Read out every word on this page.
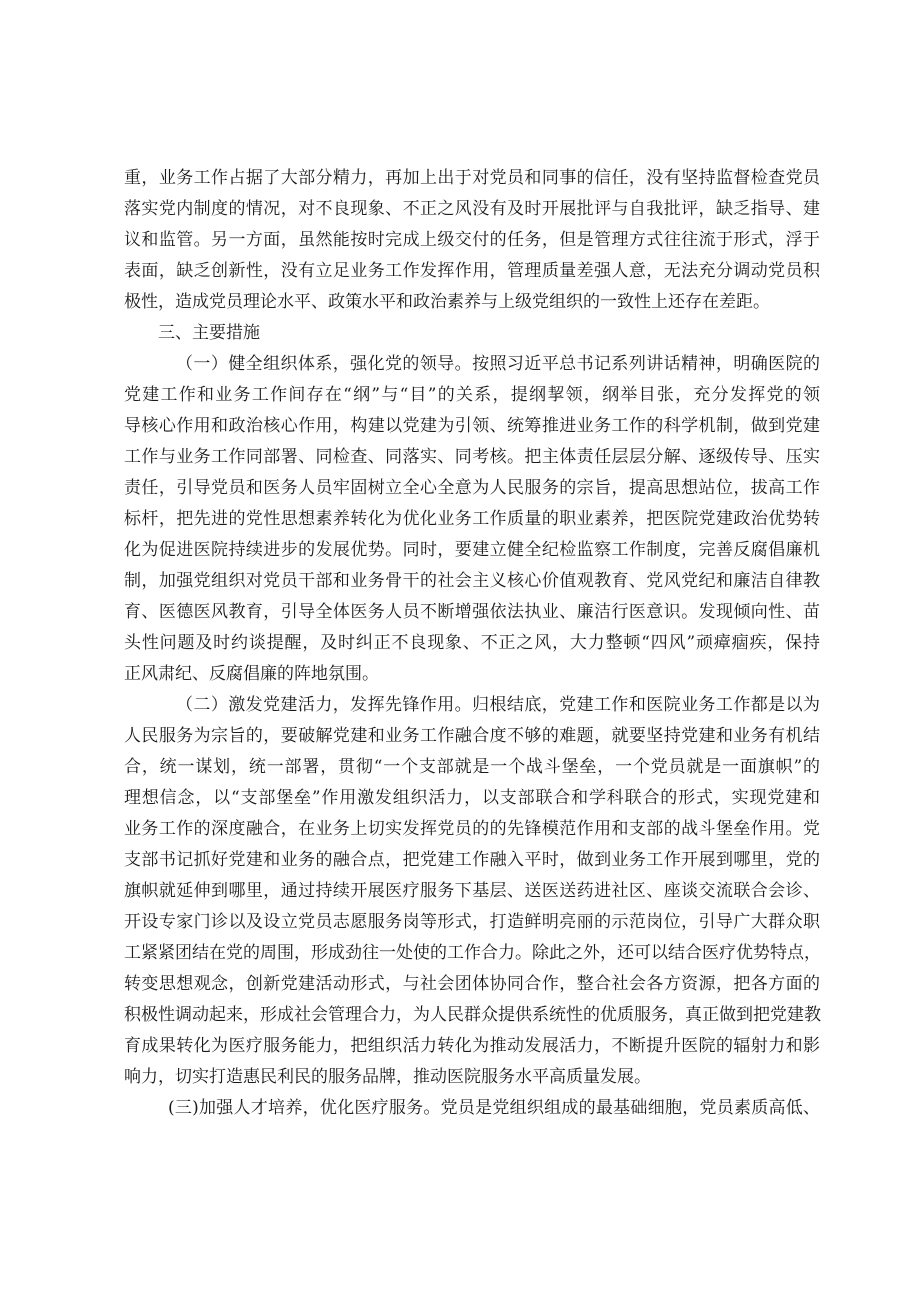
重，业务工作占据了大部分精力，再加上出于对党员和同事的信任，没有坚持监督检查党员
落实党内制度的情况，对不良现象、不正之风没有及时开展批评与自我批评，缺乏指导、建
议和监管。另一方面，虽然能按时完成上级交付的任务，但是管理方式往往流于形式，浮于
表面，缺乏创新性，没有立足业务工作发挥作用，管理质量差强人意，无法充分调动党员积
极性，造成党员理论水平、政策水平和政治素养与上级党组织的一致性上还存在差距。
三、主要措施
（一）健全组织体系，强化党的领导。按照习近平总书记系列讲话精神，明确医院的
党建工作和业务工作间存在“纲”与“目”的关系，提纲挈领，纲举目张，充分发挥党的领
导核心作用和政治核心作用，构建以党建为引领、统筹推进业务工作的科学机制，做到党建
工作与业务工作同部署、同检查、同落实、同考核。把主体责任层层分解、逐级传导、压实
责任，引导党员和医务人员牢固树立全心全意为人民服务的宗旨，提高思想站位，拔高工作
标杆，把先进的党性思想素养转化为优化业务工作质量的职业素养，把医院党建政治优势转
化为促进医院持续进步的发展优势。同时，要建立健全纪检监察工作制度，完善反腐倡廉机
制，加强党组织对党员干部和业务骨干的社会主义核心价值观教育、党风党纪和廉洁自律教
育、医德医风教育，引导全体医务人员不断增强依法执业、廉洁行医意识。发现倾向性、苗
头性问题及时约谈提醒，及时纠正不良现象、不正之风，大力整顿“四风”顽瘴痼疾，保持
正风肃纪、反腐倡廉的阵地氛围。
（二）激发党建活力，发挥先锋作用。归根结底，党建工作和医院业务工作都是以为
人民服务为宗旨的，要破解党建和业务工作融合度不够的难题，就要坚持党建和业务有机结
合，统一谋划，统一部署，贯彻“一个支部就是一个战斗堡垒，一个党员就是一面旗帜”的
理想信念，以“支部堡垒”作用激发组织活力，以支部联合和学科联合的形式，实现党建和
业务工作的深度融合，在业务上切实发挥党员的的先锋模范作用和支部的战斗堡垒作用。党
支部书记抓好党建和业务的融合点，把党建工作融入平时，做到业务工作开展到哪里，党的
旗帜就延伸到哪里，通过持续开展医疗服务下基层、送医送药进社区、座谈交流联合会诊、
开设专家门诊以及设立党员志愿服务岗等形式，打造鲜明亮丽的示范岗位，引导广大群众职
工紧紧团结在党的周围，形成劲往一处使的工作合力。除此之外，还可以结合医疗优势特点，
转变思想观念，创新党建活动形式，与社会团体协同合作，整合社会各方资源，把各方面的
积极性调动起来，形成社会管理合力，为人民群众提供系统性的优质服务，真正做到把党建教
育成果转化为医疗服务能力，把组织活力转化为推动发展活力，不断提升医院的辐射力和影
响力，切实打造惠民利民的服务品牌，推动医院服务水平高质量发展。
(三)加强人才培养，优化医疗服务。党员是党组织组成的最基础细胞，党员素质高低、
